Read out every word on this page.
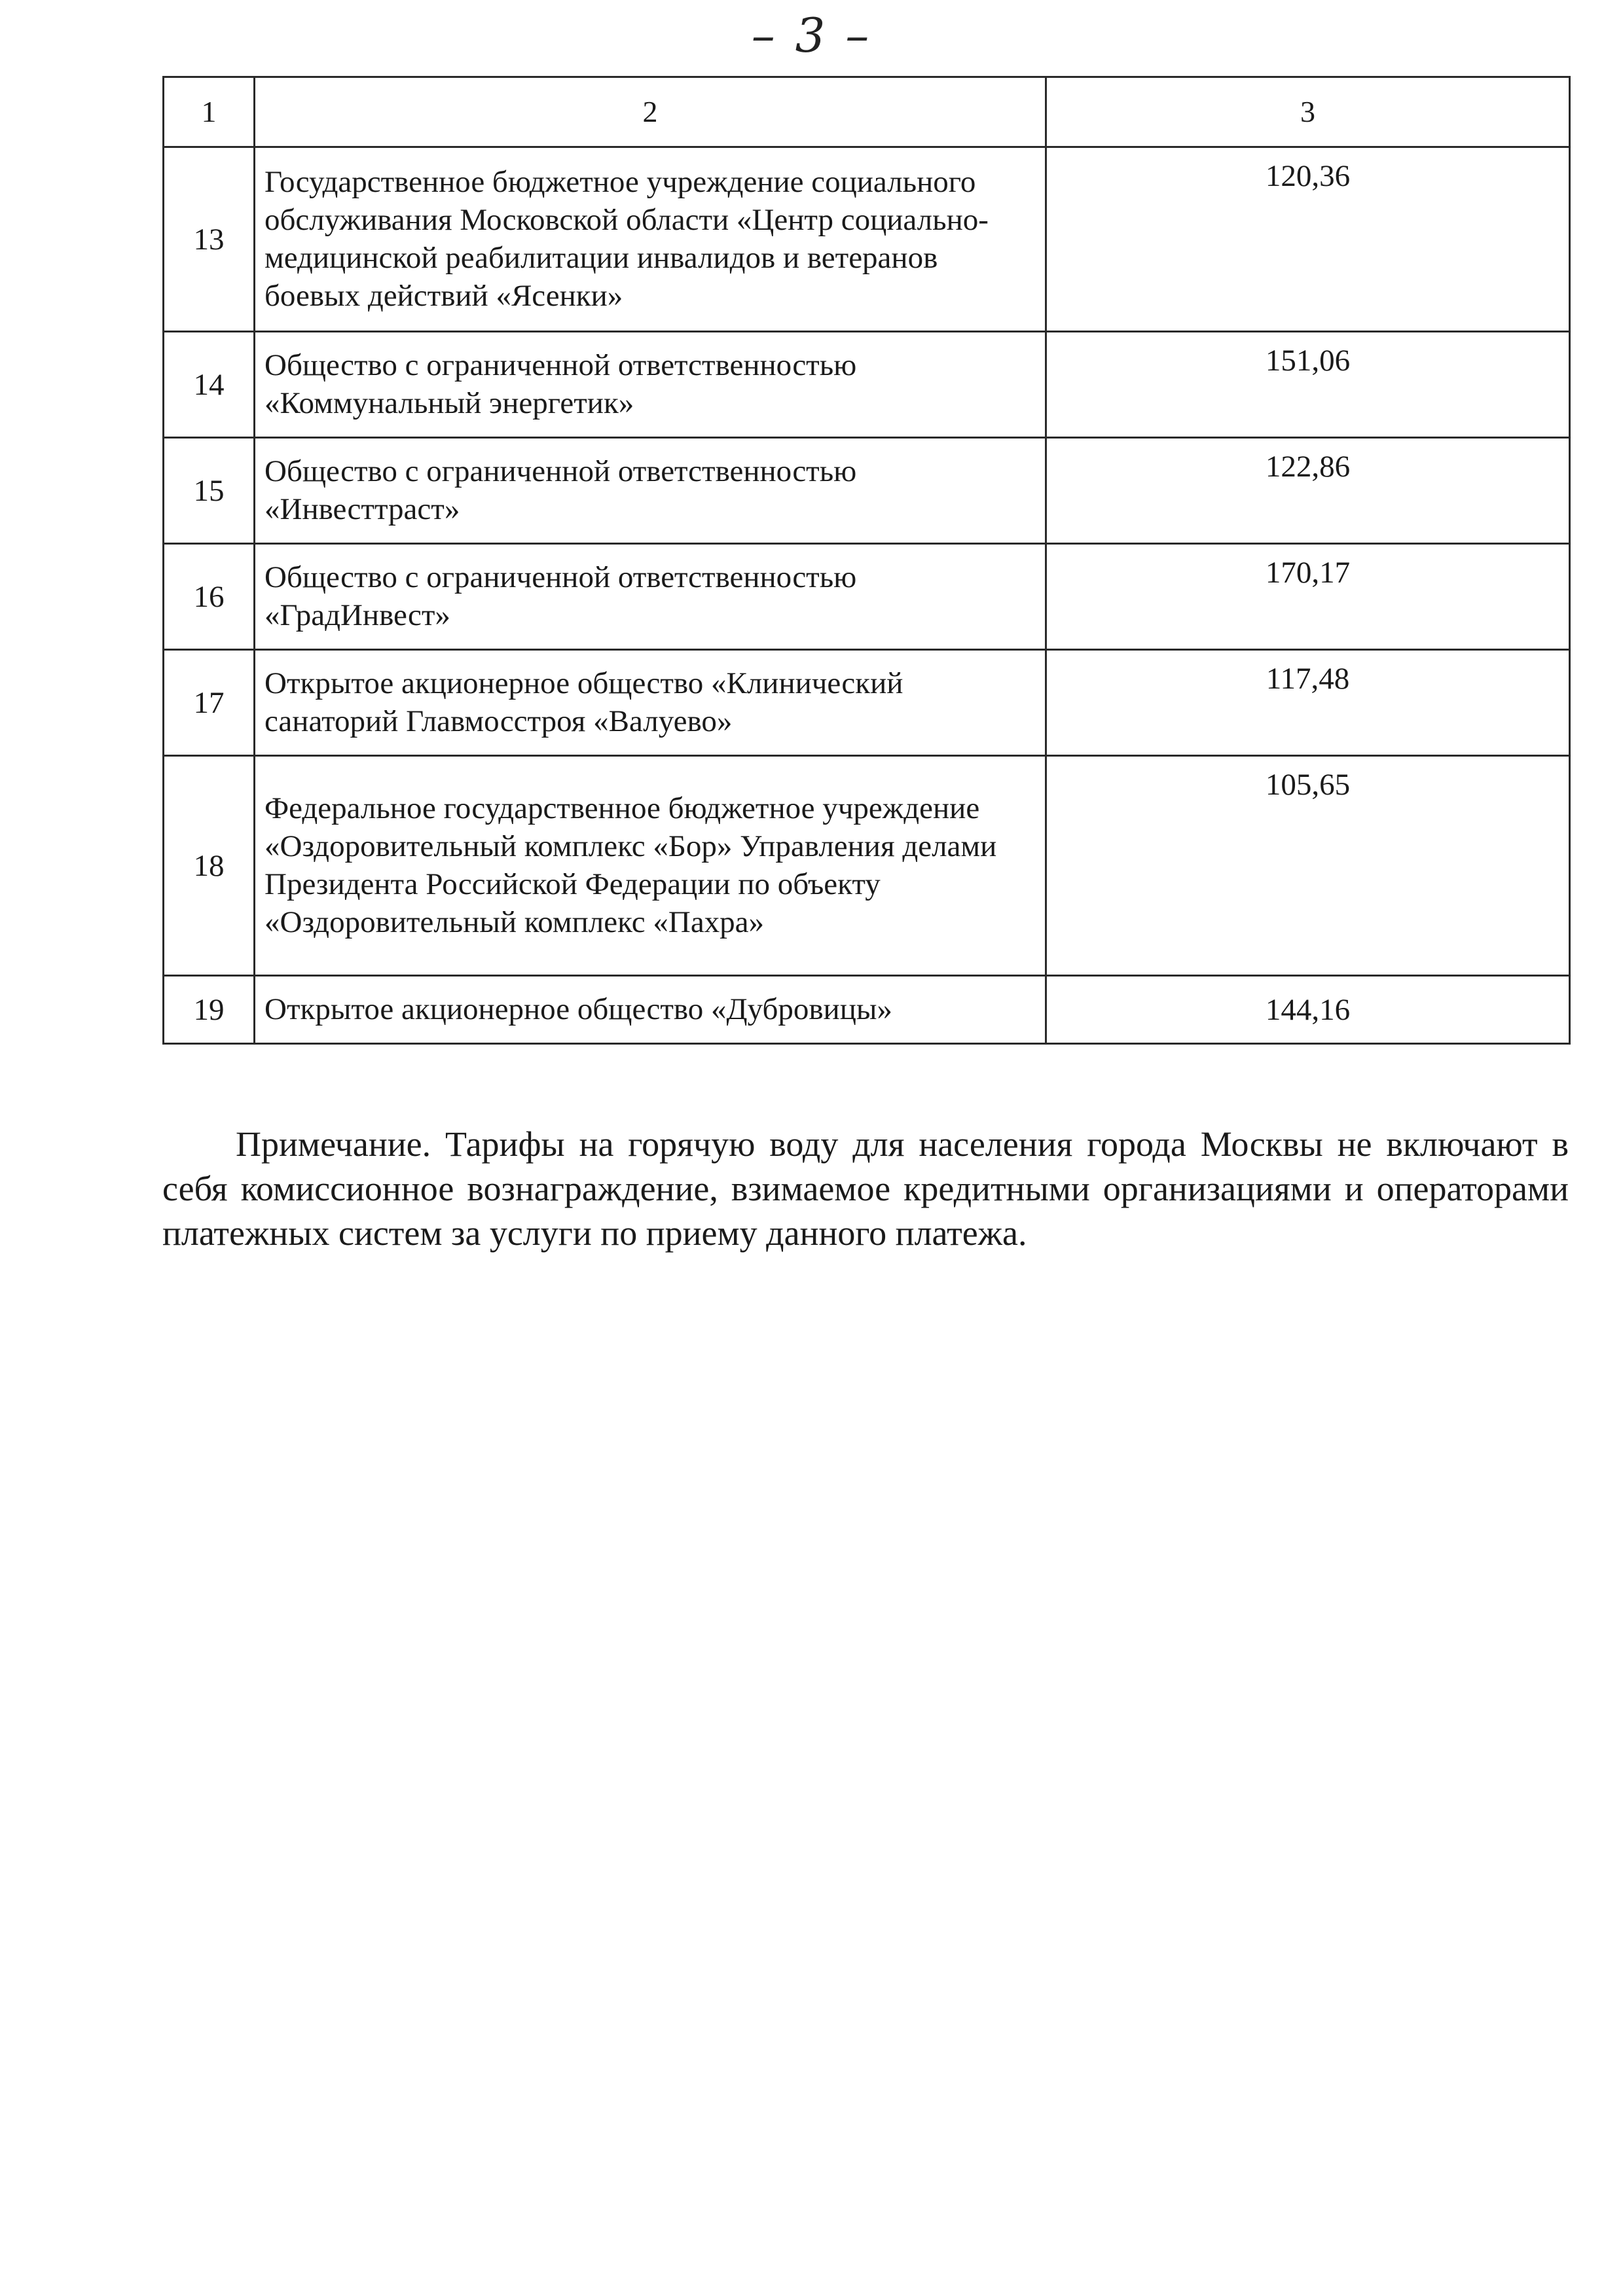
– 3 –
1	2	3
13	Государственное бюджетное учреждение социального обслуживания Московской области «Центр социально-медицинской реабилитации инвалидов и ветеранов боевых действий «Ясенки»	120,36
14	Общество с ограниченной ответственностью «Коммунальный энергетик»	151,06
15	Общество с ограниченной ответственностью «Инвесттраст»	122,86
16	Общество с ограниченной ответственностью «ГрадИнвест»	170,17
17	Открытое акционерное общество «Клинический санаторий Главмосстроя «Валуево»	117,48
18	Федеральное государственное бюджетное учреждение «Оздоровительный комплекс «Бор» Управления делами Президента Российской Федерации по объекту «Оздоровительный комплекс «Пахра»	105,65
19	Открытое акционерное общество «Дубровицы»	144,16

Примечание. Тарифы на горячую воду для населения города Москвы не включают в себя комиссионное вознаграждение, взимаемое кредитными организациями и операторами платежных систем за услуги по приему данного платежа.
